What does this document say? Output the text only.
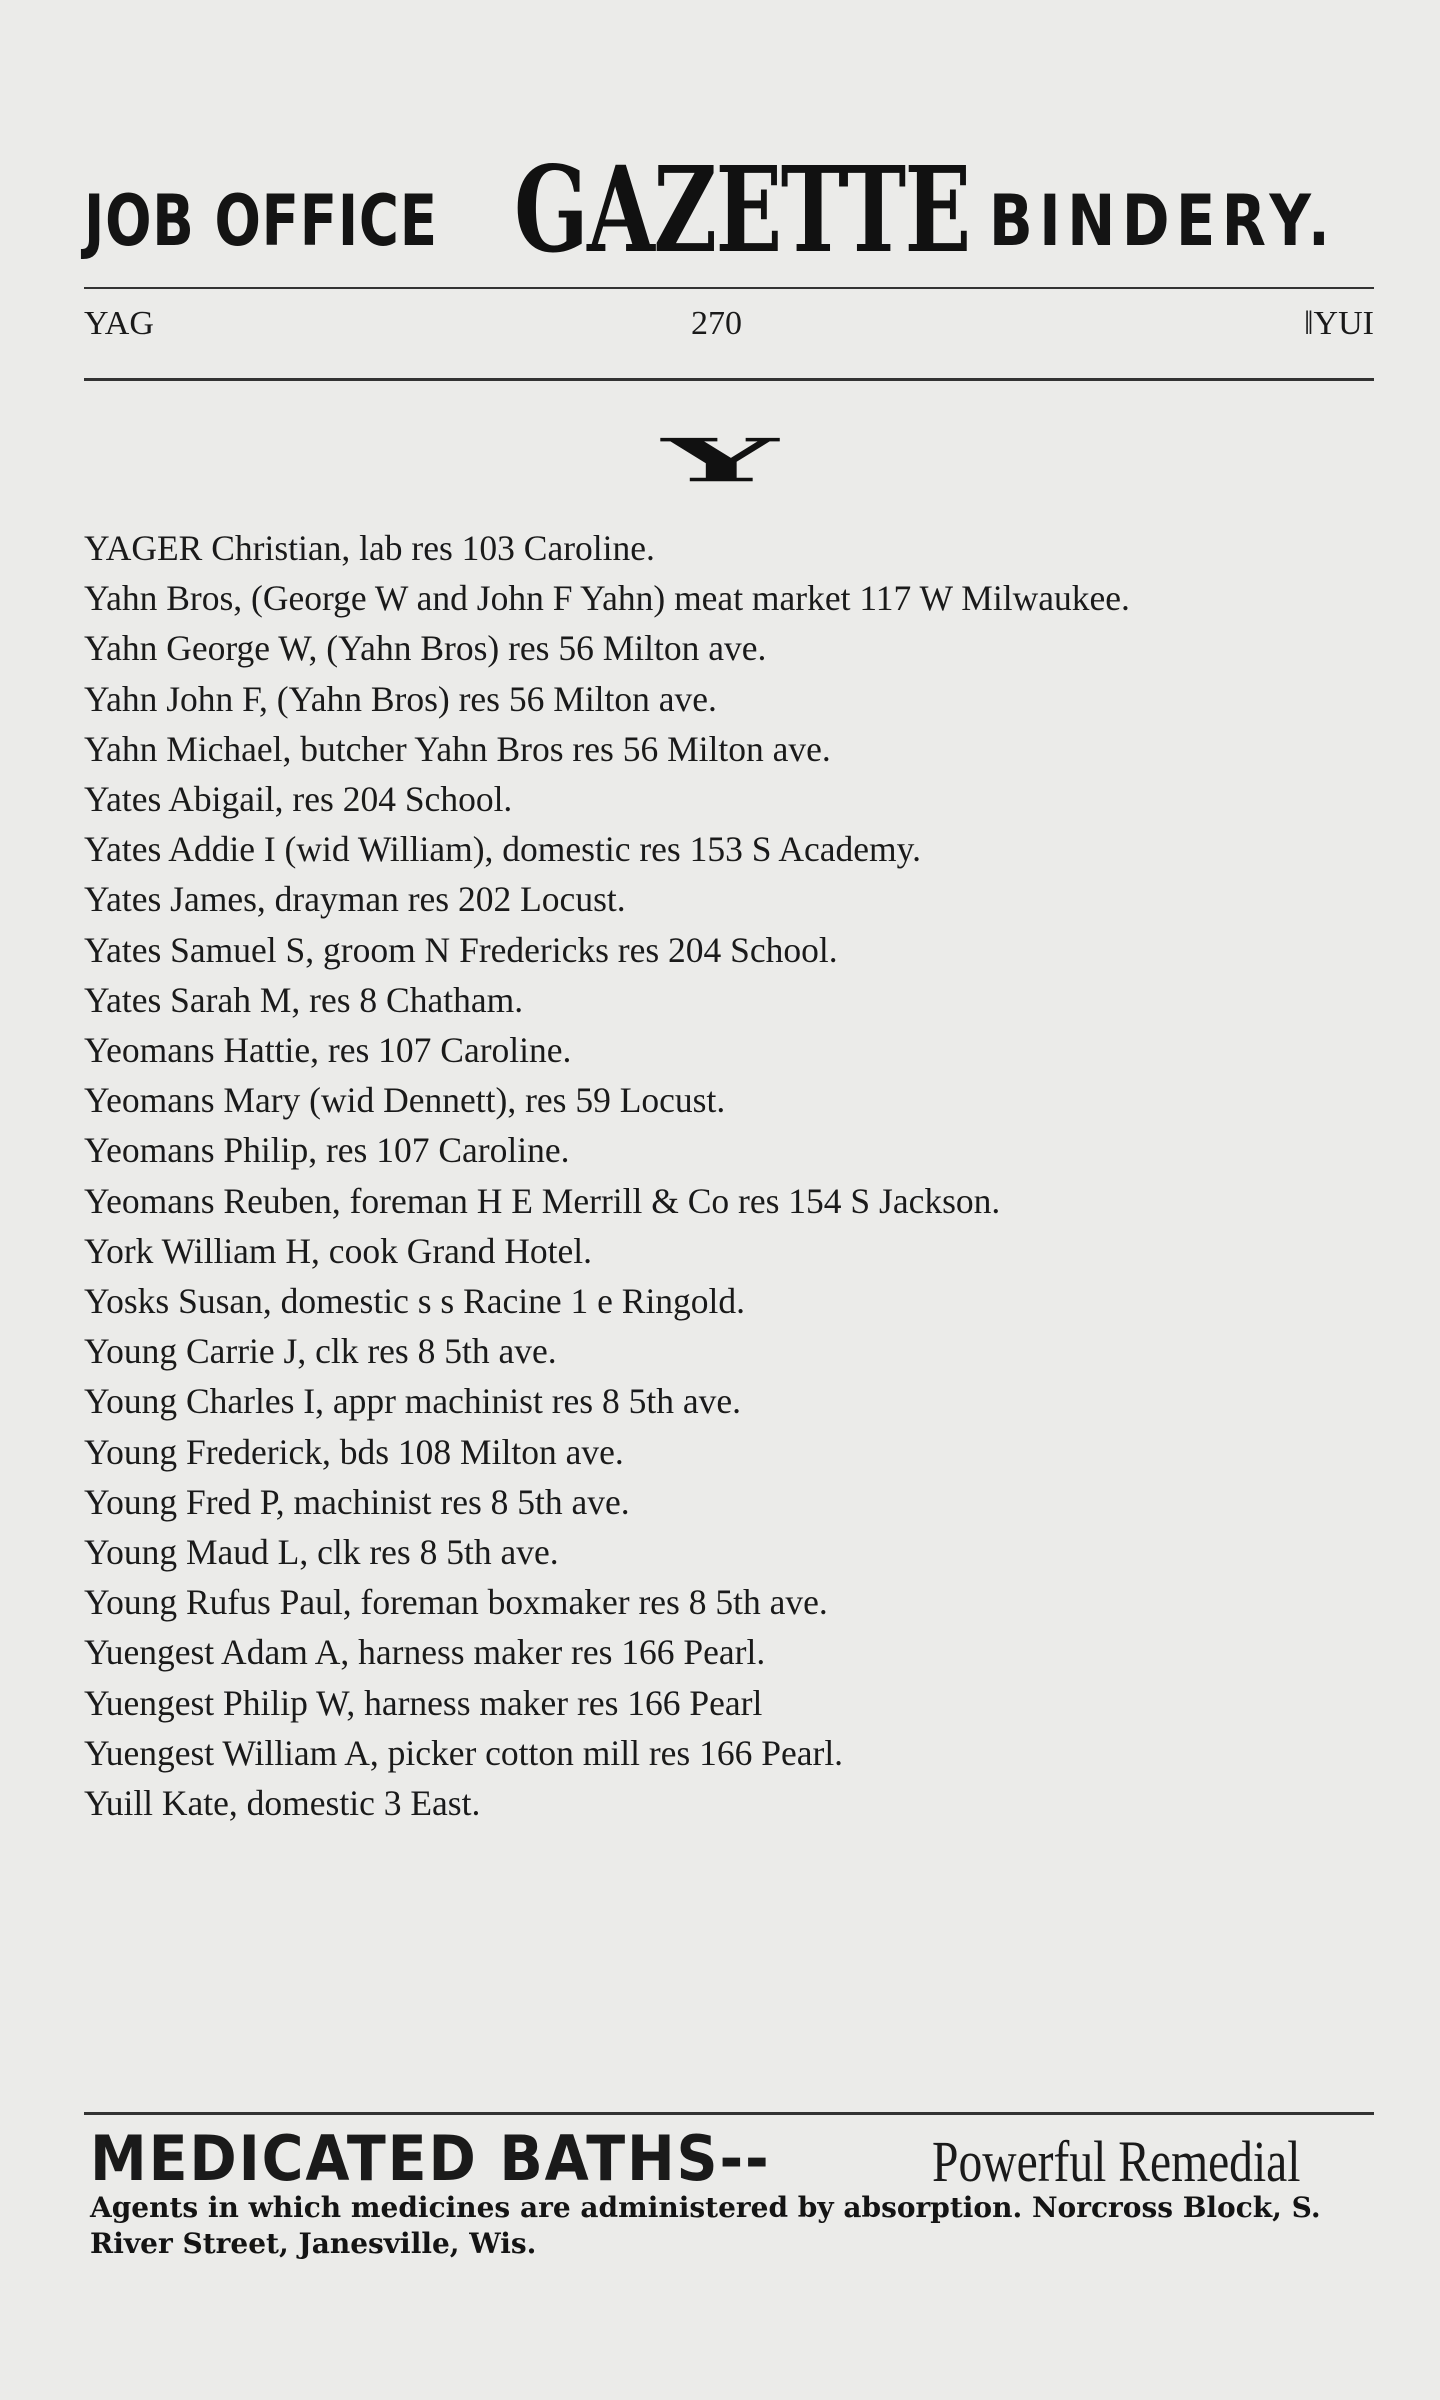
JOB OFFICE GAZETTE BINDERY.
YAG	270	‖YUI
Y
YAGER Christian, lab res 103 Caroline.
Yahn Bros, (George W and John F Yahn) meat market 117 W Milwaukee.
Yahn George W, (Yahn Bros) res 56 Milton ave.
Yahn John F, (Yahn Bros) res 56 Milton ave.
Yahn Michael, butcher Yahn Bros res 56 Milton ave.
Yates Abigail, res 204 School.
Yates Addie I (wid William), domestic res 153 S Academy.
Yates James, drayman res 202 Locust.
Yates Samuel S, groom N Fredericks res 204 School.
Yates Sarah M, res 8 Chatham.
Yeomans Hattie, res 107 Caroline.
Yeomans Mary (wid Dennett), res 59 Locust.
Yeomans Philip, res 107 Caroline.
Yeomans Reuben, foreman H E Merrill & Co res 154 S Jackson.
York William H, cook Grand Hotel.
Yosks Susan, domestic s s Racine 1 e Ringold.
Young Carrie J, clk res 8 5th ave.
Young Charles I, appr machinist res 8 5th ave.
Young Frederick, bds 108 Milton ave.
Young Fred P, machinist res 8 5th ave.
Young Maud L, clk res 8 5th ave.
Young Rufus Paul, foreman boxmaker res 8 5th ave.
Yuengest Adam A, harness maker res 166 Pearl.
Yuengest Philip W, harness maker res 166 Pearl
Yuengest William A, picker cotton mill res 166 Pearl.
Yuill Kate, domestic 3 East.
MEDICATED BATHS--	Powerful Remedial
Agents in which medicines are administered by absorption. Norcross Block, S. River Street, Janesville, Wis.
